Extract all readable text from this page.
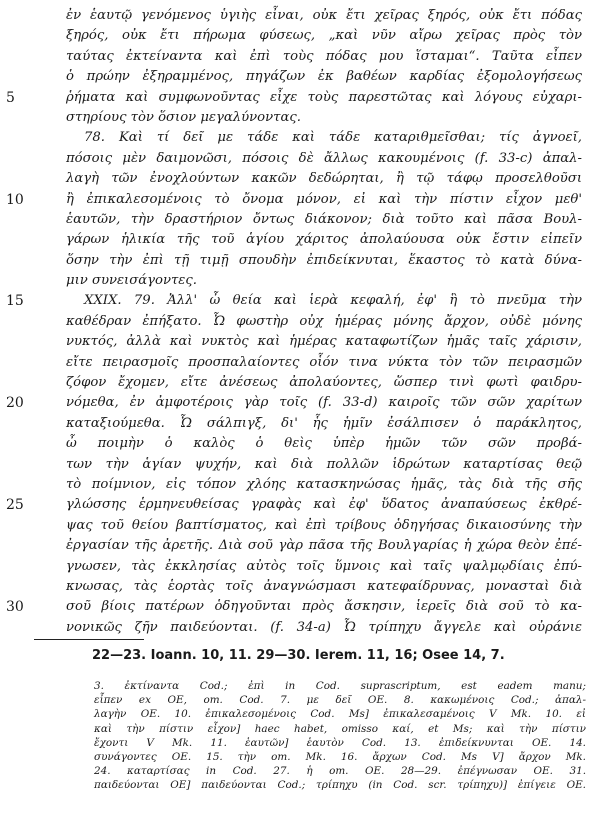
ἐν ἑαυτῷ γενόμενος ὑγιὴς εἶναι, οὐκ ἔτι χεῖρας ξηρός, οὐκ ἔτι πόδας
ξηρός, οὐκ ἔτι πήρωμα φύσεως, „καὶ νῦν αἴρω χεῖρας πρὸς τὸν
ταύτας ἐκτείναντα καὶ ἐπὶ τοὺς πόδας μου ἵσταμαι“. Ταῦτα εἶπεν
ὁ πρώην ἐξηραμμένος, πηγάζων ἐκ βαθέων καρδίας ἐξομολογήσεως
5	ῥήματα καὶ συμφωνοῦντας εἶχε τοὺς παρεστῶτας καὶ λόγους εὐχαρι-
στηρίους τὸν ὅσιον μεγαλύνοντας.
78. Καὶ τί δεῖ με τάδε καὶ τάδε καταριθμεῖσθαι; τίς ἀγνοεῖ,
πόσοις μὲν δαιμονῶσι, πόσοις δὲ ἄλλως κακουμένοις (f. 33-c) ἀπαλ-
λαγὴ τῶν ἐνοχλούντων κακῶν δεδώρηται, ἢ τῷ τάφῳ προσελθοῦσι
10	ἢ ἐπικαλεσομένοις τὸ ὄνομα μόνον, εἰ καὶ τὴν πίστιν εἶχον μεθ'
ἑαυτῶν, τὴν δραστήριον ὄντως διάκονον; διὰ τοῦτο καὶ πᾶσα Βουλ-
γάρων ἡλικία τῆς τοῦ ἁγίου χάριτος ἀπολαύουσα οὐκ ἔστιν εἰπεῖν
ὅσην τὴν ἐπὶ τῇ τιμῇ σπουδὴν ἐπιδείκνυται, ἕκαστος τὸ κατὰ δύνα-
μιν συνεισάγοντες.
15	XXIX. 79. Ἀλλ' ὦ θεία καὶ ἱερὰ κεφαλή, ἐφ' ἣ τὸ πνεῦμα τὴν
καθέδραν ἐπήξατο. Ὦ φωστὴρ οὐχ ἡμέρας μόνης ἄρχον, οὐδὲ μόνης
νυκτός, ἀλλὰ καὶ νυκτὸς καὶ ἡμέρας καταφωτίζων ἡμᾶς ταῖς χάρισιν,
εἴτε πειρασμοῖς προσπαλαίοντες οἷόν τινα νύκτα τὸν τῶν πειρασμῶν
ζόφον ἔχομεν, εἴτε ἀνέσεως ἀπολαύοντες, ὥσπερ τινὶ φωτὶ φαιδρυ-
20	νόμεθα, ἐν ἀμφοτέροις γὰρ τοῖς (f. 33-d) καιροῖς τῶν σῶν χαρίτων
καταξιούμεθα. Ὦ σάλπιγξ, δι' ἧς ἡμῖν ἐσάλπισεν ὁ παράκλητος,
ὦ ποιμὴν ὁ καλὸς ὁ θεὶς ὑπὲρ ἡμῶν τῶν σῶν προβά-
των τὴν ἁγίαν ψυχήν, καὶ διὰ πολλῶν ἱδρώτων καταρτίσας θεῷ
τὸ ποίμνιον, εἰς τόπον χλόης κατασκηνώσας ἡμᾶς, τὰς διὰ τῆς σῆς
25	γλώσσης ἑρμηνευθείσας γραφὰς καὶ ἐφ' ὕδατος ἀναπαύσεως ἐκθρέ-
ψας τοῦ θείου βαπτίσματος, καὶ ἐπὶ τρίβους ὁδηγήσας δικαιοσύνης τὴν
ἐργασίαν τῆς ἀρετῆς. Διὰ σοῦ γὰρ πᾶσα τῆς Βουλγαρίας ἡ χώρα θεὸν ἐπέ-
γνωσεν, τὰς ἐκκλησίας αὐτὸς τοῖς ὕμνοις καὶ ταῖς ψαλμῳδίαις ἐπύ-
κνωσας, τὰς ἑορτὰς τοῖς ἀναγνώσμασι κατεφαίδρυνας, μονασταὶ διὰ
30	σοῦ βίοις πατέρων ὁδηγοῦνται πρὸς ἄσκησιν, ἱερεῖς διὰ σοῦ τὸ κα-
νονικῶς ζῆν παιδεύονται. (f. 34-a) Ὦ τρίπηχυ ἄγγελε καὶ οὐράνιε
22—23. Ioann. 10, 11. 29—30. Ierem. 11, 16; Osee 14, 7.
3. ἐκτίναντα Cod.; ἐπὶ in Cod. suprascriptum, est eadem manu;
εἶπεν ex OE, om. Cod. 7. με δεῖ OE. 8. κακωμένοις Cod.; ἀπαλ-
λαγὴν OE. 10. ἐπικαλεσομένοις Cod. Ms] ἐπικαλεσαμένοις V Mk. 10. εἰ
καὶ τὴν πίστιν εἶχον] haec habet, omisso καί, et Ms; καὶ τὴν πίστιν
ἔχοντι V Mk. 11. ἑαυτῶν] ἑαυτὸν Cod. 13. ἐπιδείκνυνται OE. 14.
συνάγοντες OE. 15. τὴν om. Mk. 16. ἄρχων Cod. Ms V] ἄρχον Mk.
24. καταρτίσας in Cod. 27. ἡ om. OE. 28—29. ἐπέγνωσαν OE. 31.
παιδεύονται OE] παιδεύονται Cod.; τρίπηχυ (in Cod. scr. τρίπηχυ)] ἐπίγειε OE.
